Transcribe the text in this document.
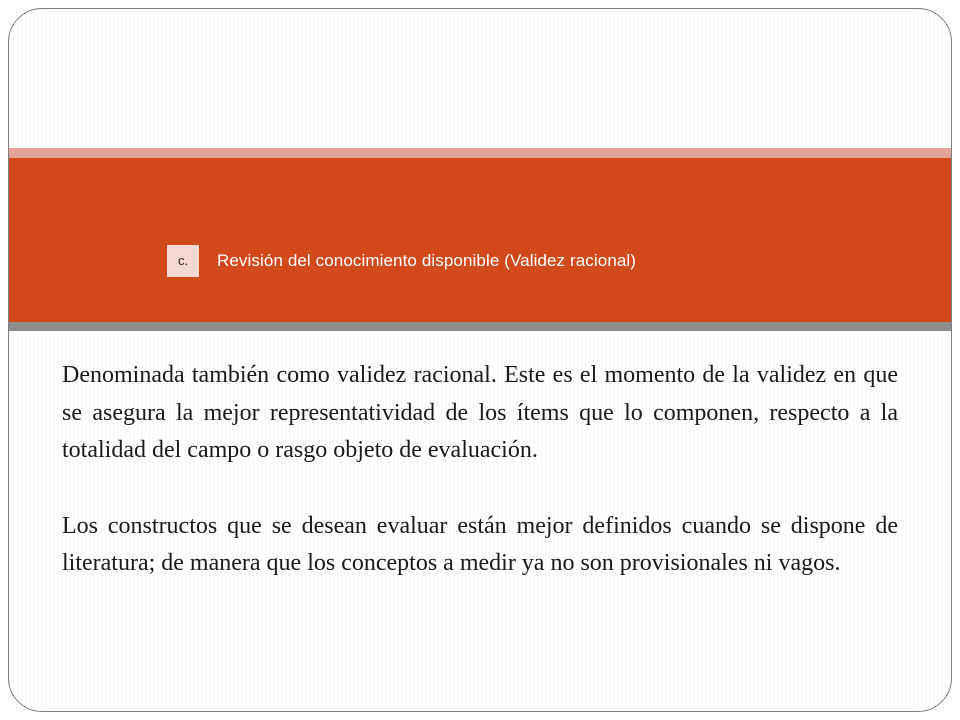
c.	Revisión del conocimiento disponible (Validez racional)

Denominada también como validez racional. Este es el momento de la validez en que se asegura la mejor representatividad de los ítems que lo componen, respecto a la totalidad del campo o rasgo objeto de evaluación.

Los constructos que se desean evaluar están mejor definidos cuando se dispone de literatura; de manera que los conceptos a medir ya no son provisionales ni vagos.
